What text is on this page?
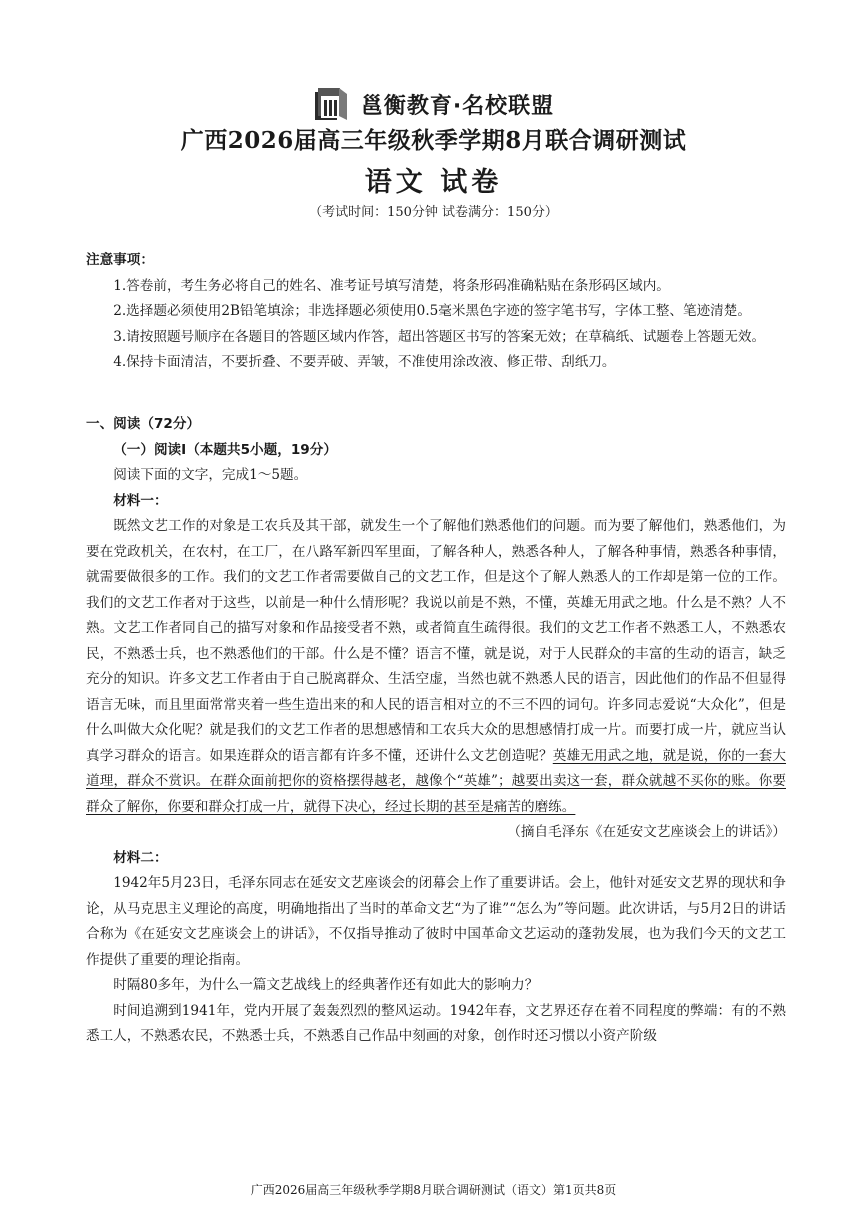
邕衡教育·名校联盟
广西2026届高三年级秋季学期8月联合调研测试
语文 试卷
（考试时间：150分钟 试卷满分：150分）

注意事项：

1.答卷前，考生务必将自己的姓名、准考证号填写清楚，将条形码准确粘贴在条形码区域内。

2.选择题必须使用2B铅笔填涂；非选择题必须使用0.5毫米黑色字迹的签字笔书写，字体工整、笔迹清楚。

3.请按照题号顺序在各题目的答题区域内作答，超出答题区书写的答案无效；在草稿纸、试题卷上答题无效。

4.保持卡面清洁，不要折叠、不要弄破、弄皱，不准使用涂改液、修正带、刮纸刀。

一、阅读（72分）

（一）阅读Ⅰ（本题共5小题，19分）

阅读下面的文字，完成1～5题。

材料一：

既然文艺工作的对象是工农兵及其干部，就发生一个了解他们熟悉他们的问题。而为要了解他们，熟悉他们，为要在党政机关，在农村，在工厂，在八路军新四军里面，了解各种人，熟悉各种人，了解各种事情，熟悉各种事情，就需要做很多的工作。我们的文艺工作者需要做自己的文艺工作，但是这个了解人熟悉人的工作却是第一位的工作。我们的文艺工作者对于这些，以前是一种什么情形呢？我说以前是不熟，不懂，英雄无用武之地。什么是不熟？人不熟。文艺工作者同自己的描写对象和作品接受者不熟，或者简直生疏得很。我们的文艺工作者不熟悉工人，不熟悉农民，不熟悉士兵，也不熟悉他们的干部。什么是不懂？语言不懂，就是说，对于人民群众的丰富的生动的语言，缺乏充分的知识。许多文艺工作者由于自己脱离群众、生活空虚，当然也就不熟悉人民的语言，因此他们的作品不但显得语言无味，而且里面常常夹着一些生造出来的和人民的语言相对立的不三不四的词句。许多同志爱说“大众化”，但是什么叫做大众化呢？就是我们的文艺工作者的思想感情和工农兵大众的思想感情打成一片。而要打成一片，就应当认真学习群众的语言。如果连群众的语言都有许多不懂，还讲什么文艺创造呢？英雄无用武之地，就是说，你的一套大道理，群众不赏识。在群众面前把你的资格摆得越老，越像个“英雄”；越要出卖这一套，群众就越不买你的账。你要群众了解你，你要和群众打成一片，就得下决心，经过长期的甚至是痛苦的磨练。

（摘自毛泽东《在延安文艺座谈会上的讲话》）

材料二：

1942年5月23日，毛泽东同志在延安文艺座谈会的闭幕会上作了重要讲话。会上，他针对延安文艺界的现状和争论，从马克思主义理论的高度，明确地指出了当时的革命文艺“为了谁”“怎么为”等问题。此次讲话，与5月2日的讲话合称为《在延安文艺座谈会上的讲话》，不仅指导推动了彼时中国革命文艺运动的蓬勃发展，也为我们今天的文艺工作提供了重要的理论指南。

时隔80多年，为什么一篇文艺战线上的经典著作还有如此大的影响力？

时间追溯到1941年，党内开展了轰轰烈烈的整风运动。1942年春，文艺界还存在着不同程度的弊端：有的不熟悉工人，不熟悉农民，不熟悉士兵，不熟悉自己作品中刻画的对象，创作时还习惯以小资产阶级

广西2026届高三年级秋季学期8月联合调研测试（语文）第1页共8页
